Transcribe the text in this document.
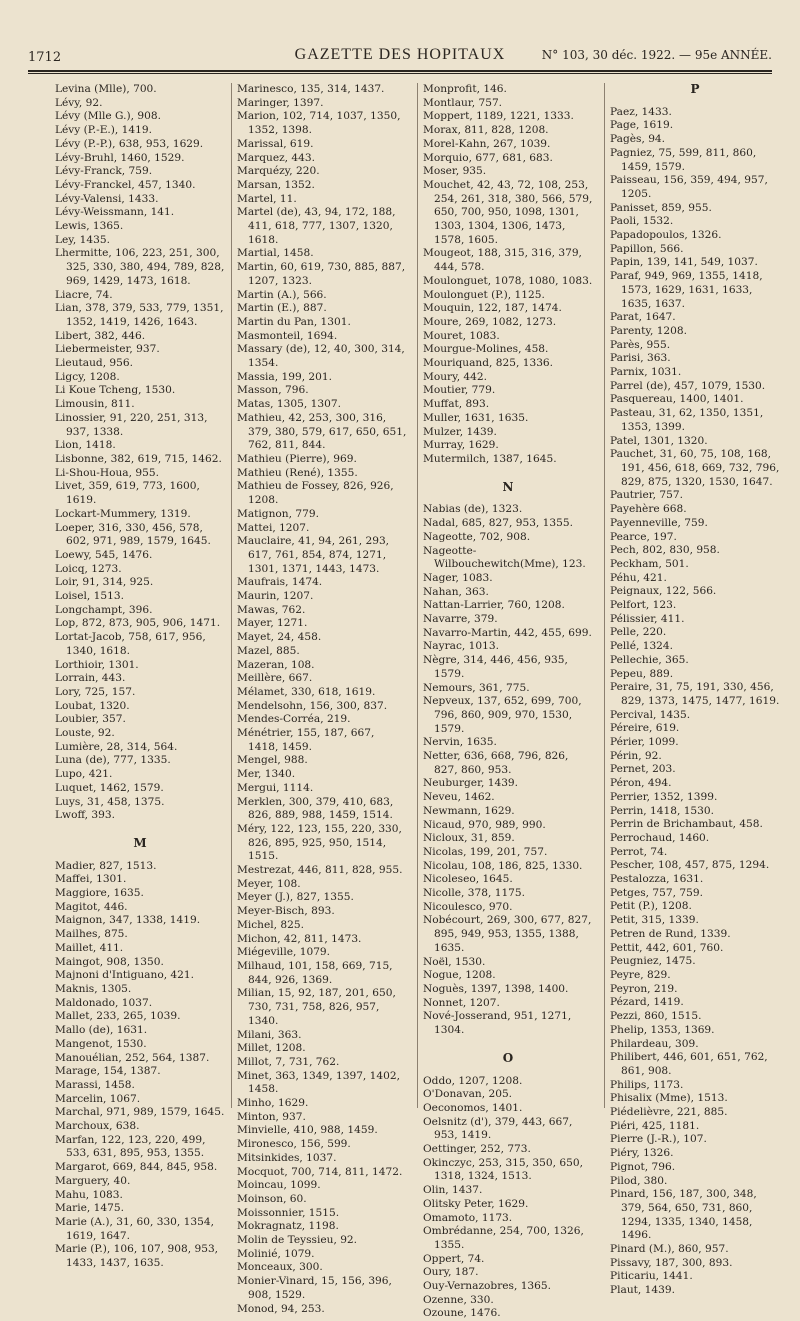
1712	GAZETTE DES HOPITAUX	N° 103, 30 déc. 1922. — 95e ANNÉE.
Levina (Mlle), 700.
Lévy, 92.
Lévy (Mlle G.), 908.
Lévy (P.-E.), 1419.
Lévy (P.-P.), 638, 953, 1629.
Lévy-Bruhl, 1460, 1529.
Lévy-Franck, 759.
Lévy-Franckel, 457, 1340.
Lévy-Valensi, 1433.
Lévy-Weissmann, 141.
Lewis, 1365.
Ley, 1435.
Lhermitte, 106, 223, 251, 300, 325, 330, 380, 494, 789, 828, 969, 1429, 1473, 1618.
Liacre, 74.
Lian, 378, 379, 533, 779, 1351, 1352, 1419, 1426, 1643.
Libert, 382, 446.
Liebermeister, 937.
Lieutaud, 956.
Ligcy, 1208.
Li Koue Tcheng, 1530.
Limousin, 811.
Linossier, 91, 220, 251, 313, 937, 1338.
Lion, 1418.
Lisbonne, 382, 619, 715, 1462.
Li-Shou-Houa, 955.
Livet, 359, 619, 773, 1600, 1619.
Lockart-Mummery, 1319.
Loeper, 316, 330, 456, 578, 602, 971, 989, 1579, 1645.
Loewy, 545, 1476.
Loicq, 1273.
Loir, 91, 314, 925.
Loisel, 1513.
Longchampt, 396.
Lop, 872, 873, 905, 906, 1471.
Lortat-Jacob, 758, 617, 956, 1340, 1618.
Lorthioir, 1301.
Lorrain, 443.
Lory, 725, 157.
Loubat, 1320.
Loubier, 357.
Louste, 92.
Lumière, 28, 314, 564.
Luna (de), 777, 1335.
Lupo, 421.
Luquet, 1462, 1579.
Luys, 31, 458, 1375.
Lwoff, 393.
M
Madier, 827, 1513.
Maffei, 1301.
Maggiore, 1635.
Magitot, 446.
Maignon, 347, 1338, 1419.
Mailhes, 875.
Maillet, 411.
Maingot, 908, 1350.
Majnoni d'Intiguano, 421.
Maknis, 1305.
Maldonado, 1037.
Mallet, 233, 265, 1039.
Mallo (de), 1631.
Mangenot, 1530.
Manouélian, 252, 564, 1387.
Marage, 154, 1387.
Marassi, 1458.
Marcelin, 1067.
Marchal, 971, 989, 1579, 1645.
Marchoux, 638.
Marfan, 122, 123, 220, 499, 533, 631, 895, 953, 1355.
Margarot, 669, 844, 845, 958.
Marguery, 40.
Mahu, 1083.
Marie, 1475.
Marie (A.), 31, 60, 330, 1354, 1619, 1647.
Marie (P.), 106, 107, 908, 953, 1433, 1437, 1635.
Marinesco, 135, 314, 1437.
Maringer, 1397.
Marion, 102, 714, 1037, 1350, 1352, 1398.
Marissal, 619.
Marquez, 443.
Marquézy, 220.
Marsan, 1352.
Martel, 11.
Martel (de), 43, 94, 172, 188, 411, 618, 777, 1307, 1320, 1618.
Martial, 1458.
Martin, 60, 619, 730, 885, 887, 1207, 1323.
Martin (A.), 566.
Martin (E.), 887.
Martin du Pan, 1301.
Masmonteil, 1694.
Massary (de), 12, 40, 300, 314, 1354.
Massia, 199, 201.
Masson, 796.
Matas, 1305, 1307.
Mathieu, 42, 253, 300, 316, 379, 380, 579, 617, 650, 651, 762, 811, 844.
Mathieu (Pierre), 969.
Mathieu (René), 1355.
Mathieu de Fossey, 826, 926, 1208.
Matignon, 779.
Mattei, 1207.
Mauclaire, 41, 94, 261, 293, 617, 761, 854, 874, 1271, 1301, 1371, 1443, 1473.
Maufrais, 1474.
Maurin, 1207.
Mawas, 762.
Mayer, 1271.
Mayet, 24, 458.
Mazel, 885.
Mazeran, 108.
Meillère, 667.
Mélamet, 330, 618, 1619.
Mendelsohn, 156, 300, 837.
Mendes-Corréa, 219.
Ménétrier, 155, 187, 667, 1418, 1459.
Mengel, 988.
Mer, 1340.
Mergui, 1114.
Merklen, 300, 379, 410, 683, 826, 889, 988, 1459, 1514.
Méry, 122, 123, 155, 220, 330, 826, 895, 925, 950, 1514, 1515.
Mestrezat, 446, 811, 828, 955.
Meyer, 108.
Meyer (J.), 827, 1355.
Meyer-Bisch, 893.
Michel, 825.
Michon, 42, 811, 1473.
Miégeville, 1079.
Milhaud, 101, 158, 669, 715, 844, 926, 1369.
Milian, 15, 92, 187, 201, 650, 730, 731, 758, 826, 957, 1340.
Milani, 363.
Millet, 1208.
Millot, 7, 731, 762.
Minet, 363, 1349, 1397, 1402, 1458.
Minho, 1629.
Minton, 937.
Minvielle, 410, 988, 1459.
Mironesco, 156, 599.
Mitsinkides, 1037.
Mocquot, 700, 714, 811, 1472.
Moincau, 1099.
Moinson, 60.
Moissonnier, 1515.
Mokragnatz, 1198.
Molin de Teyssieu, 92.
Molinié, 1079.
Monceaux, 300.
Monier-Vinard, 15, 156, 396, 908, 1529.
Monod, 94, 253.
Monprofit, 146.
Montlaur, 757.
Moppert, 1189, 1221, 1333.
Morax, 811, 828, 1208.
Morel-Kahn, 267, 1039.
Morquio, 677, 681, 683.
Moser, 935.
Mouchet, 42, 43, 72, 108, 253, 254, 261, 318, 380, 566, 579, 650, 700, 950, 1098, 1301, 1303, 1304, 1306, 1473, 1578, 1605.
Mougeot, 188, 315, 316, 379, 444, 578.
Moulonguet, 1078, 1080, 1083.
Moulonguet (P.), 1125.
Mouquin, 122, 187, 1474.
Moure, 269, 1082, 1273.
Mouret, 1083.
Mourgue-Molines, 458.
Mouriquand, 825, 1336.
Moury, 442.
Moutier, 779.
Muffat, 893.
Muller, 1631, 1635.
Mulzer, 1439.
Murray, 1629.
Mutermilch, 1387, 1645.
N
Nabias (de), 1323.
Nadal, 685, 827, 953, 1355.
Nageotte, 702, 908.
Nageotte-Wilbouchewitch(Mme), 123.
Nager, 1083.
Nahan, 363.
Nattan-Larrier, 760, 1208.
Navarre, 379.
Navarro-Martin, 442, 455, 699.
Nayrac, 1013.
Nègre, 314, 446, 456, 935, 1579.
Nemours, 361, 775.
Nepveux, 137, 652, 699, 700, 796, 860, 909, 970, 1530, 1579.
Nervin, 1635.
Netter, 636, 668, 796, 826, 827, 860, 953.
Neuburger, 1439.
Neveu, 1462.
Newmann, 1629.
Nicaud, 970, 989, 990.
Nicloux, 31, 859.
Nicolas, 199, 201, 757.
Nicolau, 108, 186, 825, 1330.
Nicoleseo, 1645.
Nicolle, 378, 1175.
Nicoulesco, 970.
Nobécourt, 269, 300, 677, 827, 895, 949, 953, 1355, 1388, 1635.
Noël, 1530.
Nogue, 1208.
Noguès, 1397, 1398, 1400.
Nonnet, 1207.
Nové-Josserand, 951, 1271, 1304.
O
Oddo, 1207, 1208.
O'Donavan, 205.
Oeconomos, 1401.
Oelsnitz (d'), 379, 443, 667, 953, 1419.
Oettinger, 252, 773.
Okinczyc, 253, 315, 350, 650, 1318, 1324, 1513.
Olin, 1437.
Olitsky Peter, 1629.
Omamoto, 1173.
Ombrédanne, 254, 700, 1326, 1355.
Oppert, 74.
Oury, 187.
Ouy-Vernazobres, 1365.
Ozenne, 330.
Ozoune, 1476.
P
Paez, 1433.
Page, 1619.
Pagès, 94.
Pagniez, 75, 599, 811, 860, 1459, 1579.
Paisseau, 156, 359, 494, 957, 1205.
Panisset, 859, 955.
Paoli, 1532.
Papadopoulos, 1326.
Papillon, 566.
Papin, 139, 141, 549, 1037.
Paraf, 949, 969, 1355, 1418, 1573, 1629, 1631, 1633, 1635, 1637.
Parat, 1647.
Parenty, 1208.
Parès, 955.
Parisi, 363.
Parnix, 1031.
Parrel (de), 457, 1079, 1530.
Pasquereau, 1400, 1401.
Pasteau, 31, 62, 1350, 1351, 1353, 1399.
Patel, 1301, 1320.
Pauchet, 31, 60, 75, 108, 168, 191, 456, 618, 669, 732, 796, 829, 875, 1320, 1530, 1647.
Pautrier, 757.
Payehère 668.
Payenneville, 759.
Pearce, 197.
Pech, 802, 830, 958.
Peckham, 501.
Péhu, 421.
Peignaux, 122, 566.
Pelfort, 123.
Pélissier, 411.
Pelle, 220.
Pellé, 1324.
Pellechie, 365.
Pepeu, 889.
Peraire, 31, 75, 191, 330, 456, 829, 1373, 1475, 1477, 1619.
Percival, 1435.
Péreire, 619.
Périer, 1099.
Périn, 92.
Pernet, 203.
Péron, 494.
Perrier, 1352, 1399.
Perrin, 1418, 1530.
Perrin de Brichambaut, 458.
Perrochaud, 1460.
Perrot, 74.
Pescher, 108, 457, 875, 1294.
Pestalozza, 1631.
Petges, 757, 759.
Petit (P.), 1208.
Petit, 315, 1339.
Petren de Rund, 1339.
Pettit, 442, 601, 760.
Peugniez, 1475.
Peyre, 829.
Peyron, 219.
Pézard, 1419.
Pezzi, 860, 1515.
Phelip, 1353, 1369.
Philardeau, 309.
Philibert, 446, 601, 651, 762, 861, 908.
Philips, 1173.
Phisalix (Mme), 1513.
Piédelièvre, 221, 885.
Piéri, 425, 1181.
Pierre (J.-R.), 107.
Piéry, 1326.
Pignot, 796.
Pilod, 380.
Pinard, 156, 187, 300, 348, 379, 564, 650, 731, 860, 1294, 1335, 1340, 1458, 1496.
Pinard (M.), 860, 957.
Pissavy, 187, 300, 893.
Piticariu, 1441.
Plaut, 1439.
